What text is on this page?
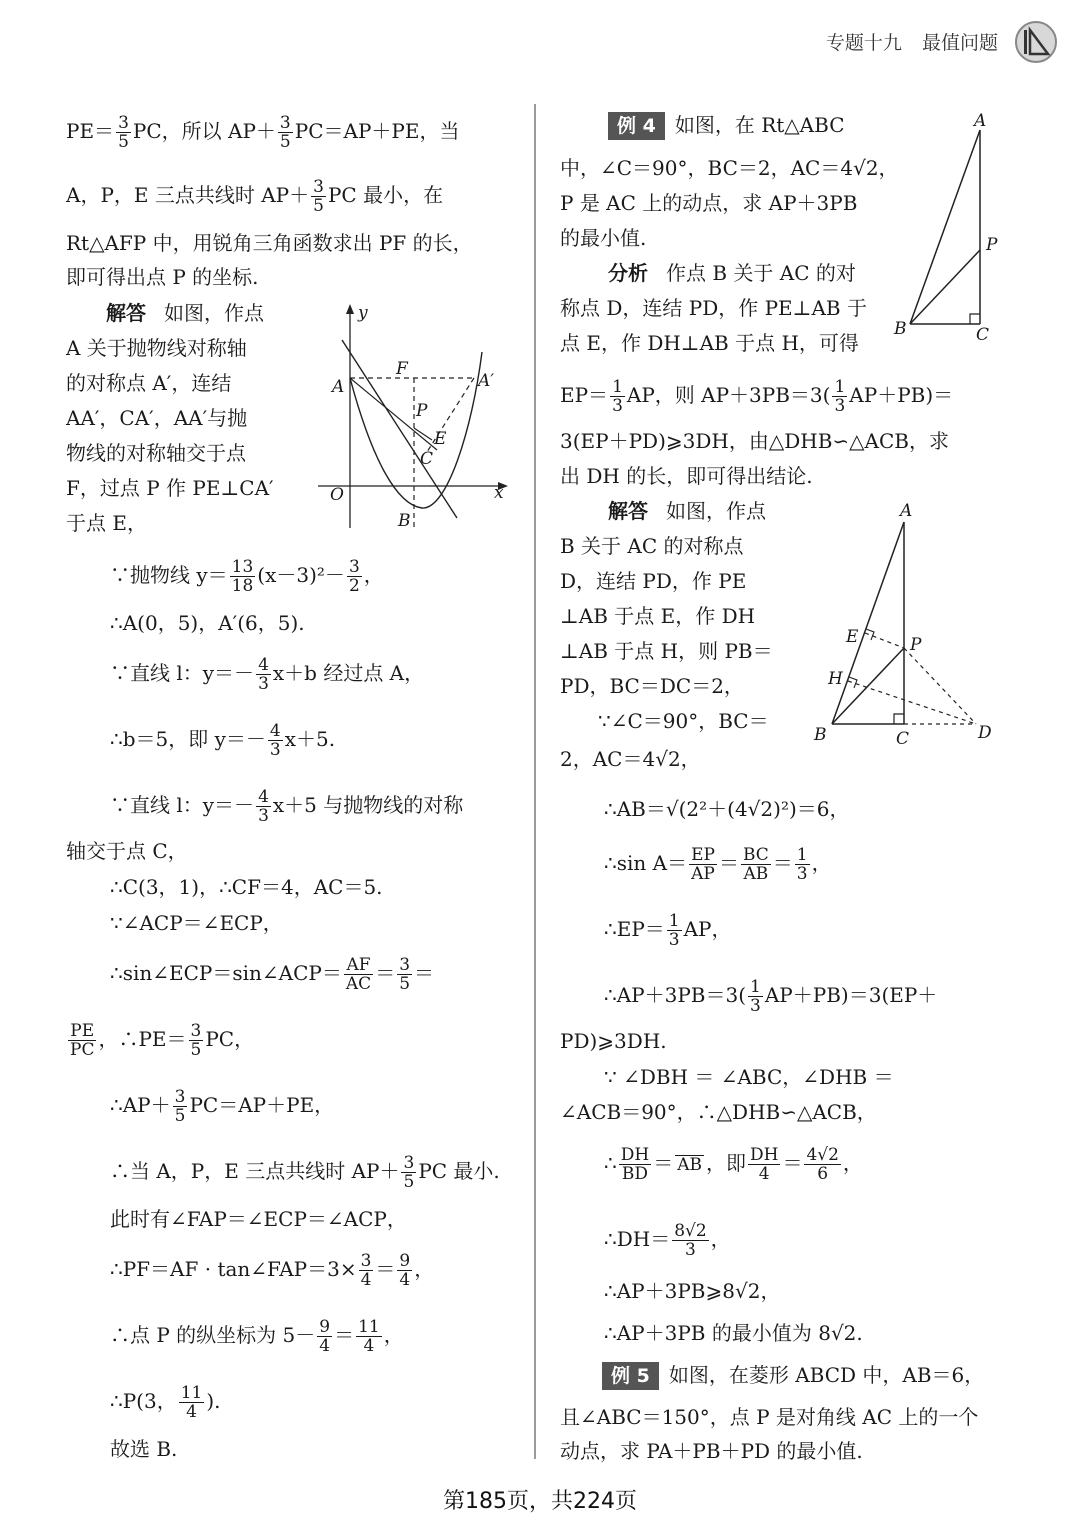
专题十九 最值问题
$PE= \frac{3}{5}$ PC，所以 $AP+ \frac{3}{5} PC=AP+PE$，当
A，P，E 三点共线时 $AP+ \frac{3}{5}$ PC 最小，在
Rt△AFP 中，用锐角三角函数求出 PF 的长，
即可得出点 P 的坐标.
解答 如图，作点
A 关于抛物线对称轴
的对称点 A′，连结
AA′，CA′，AA′与抛
物线的对称轴交于点
F，过点 P 作 PE⊥CA′
于点 E，
∵抛物线 $y= \frac{13}{18} (x-3)^2- \frac{3}{2}$ ，
∴A(0，5)，A′(6，5).
∵直线 l：$y=- \frac{4}{3} x+b$ 经过点 A，
∴b＝5，即 $y=- \frac{4}{3} x+5$.
∵直线 l：$y=- \frac{4}{3} x+5$ 与抛物线的对称
轴交于点 C，
∴C(3，1)，∴CF＝4，AC＝5.
∵∠ACP＝∠ECP，
∴sin∠ECP＝sin∠ACP＝ $\frac{AF}{AC} = \frac{3}{5}$ ＝
$\frac{PE}{PC}$ ，∴PE＝ $\frac{3}{5}$ PC，
∴AP＋ $\frac{3}{5} PC=AP+PE$，
∴当 A，P，E 三点共线时 $AP+ \frac{3}{5}$ PC 最小.
此时有∠FAP＝∠ECP＝∠ACP，
∴PF＝AF · tan∠FAP＝3× $\frac{3}{4} = \frac{9}{4}$ ，
∴点 P 的纵坐标为 $5- \frac{9}{4} = \frac{11}{4}$ ，
∴P(3， $\frac{11}{4}$ ).
故选 B.
y
x
O
A	A′
F
P
E
C
B
例 4 如图，在 Rt△ABC
中，∠C＝90°，BC＝2，AC＝4√2，
P 是 AC 上的动点，求 AP＋3PB
的最小值.
分析 作点 B 关于 AC 的对
称点 D，连结 PD，作 PE⊥AB 于
点 E，作 DH⊥AB 于点 H，可得
$EP= \frac{1}{3}$ AP，则 $AP+3PB=3( \frac{1}{3} AP+PB)=$
3(EP＋PD)⩾3DH，由△DHB∽△ACB，求
出 DH 的长，即可得出结论.
解答 如图，作点
B 关于 AC 的对称点
D，连结 PD，作 PE
⊥AB 于点 E，作 DH
⊥AB 于点 H，则 PB＝
PD，BC＝DC＝2，
∵∠C＝90°，BC＝
2，AC＝4√2，
∴AB＝√(2²＋(4√2)²)＝6，
∴sin $A= \frac{EP}{AP} = \frac{BC}{AB} = \frac{1}{3}$ ，
∴EP＝ $\frac{1}{3}$ AP，
∴AP＋3PB＝3( $\frac{1}{3} AP+PB)=3(EP+$
PD)⩾3DH.
∵ ∠DBH ＝ ∠ABC，∠DHB ＝
∠ACB＝90°，∴△DHB∽△ACB，
∴ $\frac{DH}{BD}$ ＝ AB ，即 $\frac{DH}{4} = \frac{4√2}{6}$ ，
∴DH＝ $\frac{8√2}{3}$ ，
∴AP＋3PB⩾8√2，
∴AP＋3PB 的最小值为 8√2.
例 5 如图，在菱形 ABCD 中，AB＝6，
且∠ABC＝150°，点 P 是对角线 AC 上的一个
动点，求 PA＋PB＋PD 的最小值.
A
P
B	C
A
E	P
H
B	C	D
第185页，共224页
